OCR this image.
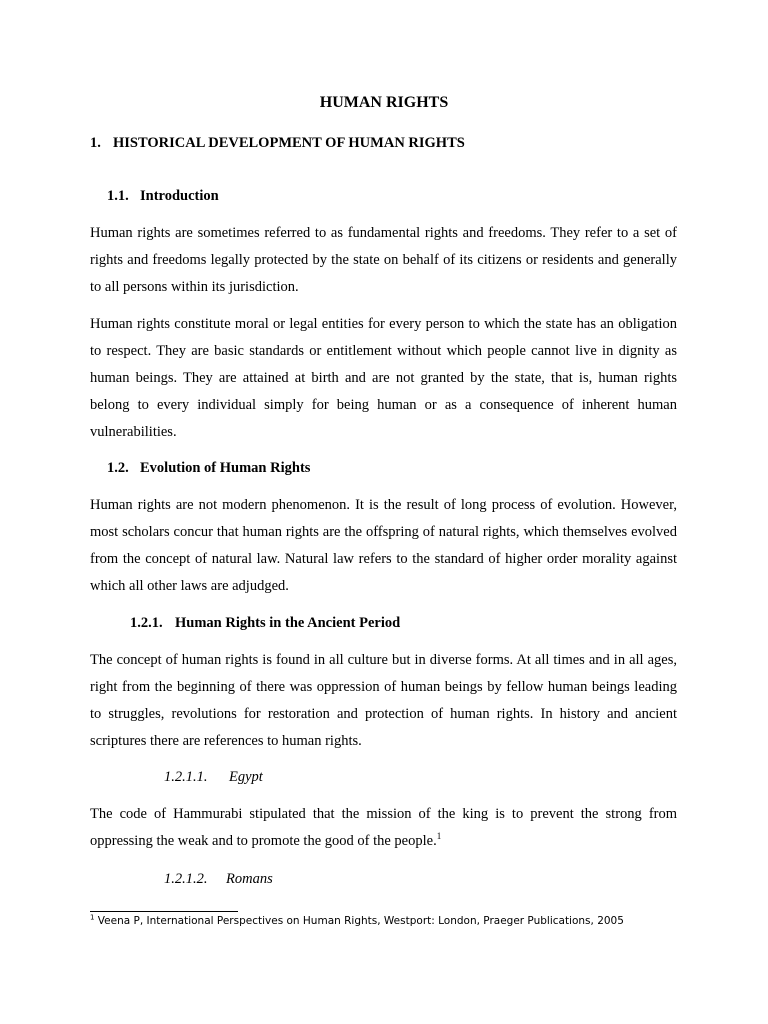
HUMAN RIGHTS
1. HISTORICAL DEVELOPMENT OF HUMAN RIGHTS
1.1. Introduction

Human rights are sometimes referred to as fundamental rights and freedoms. They refer to a set of rights and freedoms legally protected by the state on behalf of its citizens or residents and generally to all persons within its jurisdiction.

Human rights constitute moral or legal entities for every person to which the state has an obligation to respect. They are basic standards or entitlement without which people cannot live in dignity as human beings. They are attained at birth and are not granted by the state, that is, human rights belong to every individual simply for being human or as a consequence of inherent human vulnerabilities.

1.2. Evolution of Human Rights

Human rights are not modern phenomenon. It is the result of long process of evolution. However, most scholars concur that human rights are the offspring of natural rights, which themselves evolved from the concept of natural law. Natural law refers to the standard of higher order morality against which all other laws are adjudged.

1.2.1. Human Rights in the Ancient Period

The concept of human rights is found in all culture but in diverse forms. At all times and in all ages, right from the beginning of there was oppression of human beings by fellow human beings leading to struggles, revolutions for restoration and protection of human rights. In history and ancient scriptures there are references to human rights.

1.2.1.1. Egypt

The code of Hammurabi stipulated that the mission of the king is to prevent the strong from oppressing the weak and to promote the good of the people.$^1$

1.2.1.2. Romans
$^1$ Veena P, International Perspectives on Human Rights, Westport: London, Praeger Publications, 2005
